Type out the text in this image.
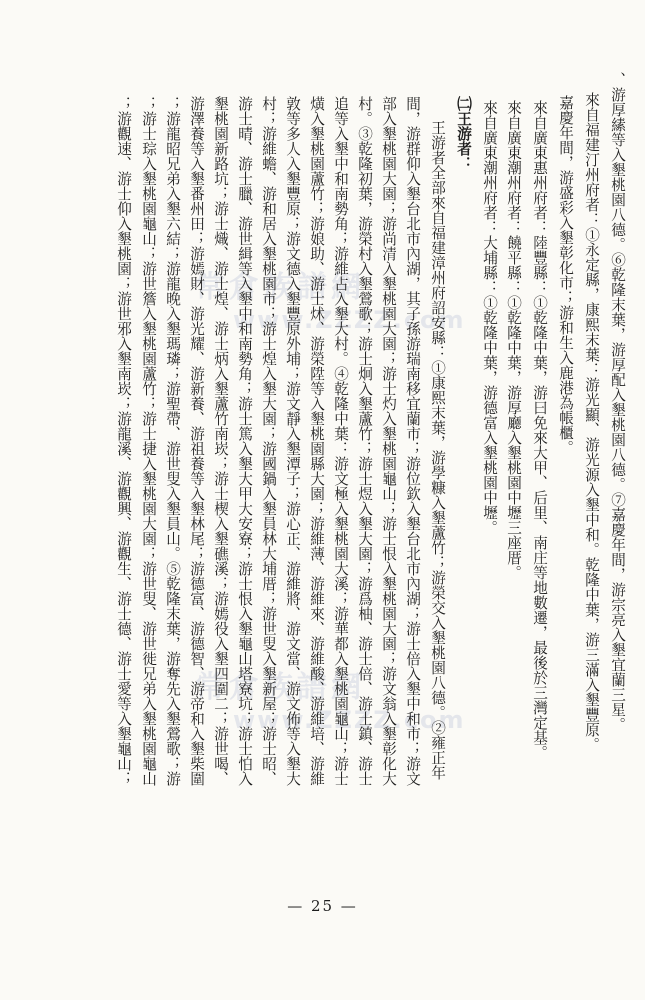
常倉族譜網
www.ZZZZ.com
常倉族譜網
www.ZZZZ.com	、游厚縤等入墾桃園八德。⑥乾隆末葉，游厚配入墾桃園八德。⑦嘉慶年間，游宗亮入墾宜蘭三星。
來自福建汀州府者：①永定縣，康熙末葉：游光顯、游光源入墾中和。乾隆中葉，游三滿入墾豐原。
嘉慶年間，游盛彩入墾彰化市；游和生入鹿港為帳櫃。
來自廣東惠州府者：陸豐縣：①乾隆中葉，游曰免來大甲、后里、南庄等地數遷，最後於三灣定基。
來自廣東潮州府者：饒平縣：①乾隆中葉，游厚廳入墾桃園中壢三座厝。
來自廣東潮州府者：大埔縣：①乾隆中葉，游德富入墾桃園中壢。
㈡王游者：
王游者全部來自福建漳州府詔安縣：①康熙末葉，游學糠入墾蘆竹；游榮交入墾桃園八德。②雍正年
間，游群仰入墾台北市內湖，其子孫游瑞南移宜蘭市；游位欽入墾台北市內湖；游士倍入墾中和市；游文
部入墾桃園大園；游尚清入墾桃園大園；游士灼入墾桃園龜山；游士恨入墾桃園大園；游文翁入墾彰化大
村。③乾隆初葉，游榮村入墾鶯歌；游士炯入墾蘆竹；游士煜入墾大園；游爲柚、游士倍、游士鎮、游士
追等入墾中和南勢角；游維占入墾大村。④乾隆中葉：游文極入墾桃園大溪；游華都入墾桃園龜山；游士
熿入墾桃園蘆竹；游娘助、游士炢、游榮陞等入墾桃園縣大園；游維薄、游維來、游維酸、游維培、游維
敦等多人入墾豐原；游文德入墾豐原外埔；游文靜入墾潭子；游心正、游維將、游文當、游文佈等入墾大
村；游維蟾、游和居入墾桃園市；游士煌入墾大園；游國鍋入墾員林大埔厝；游世叟入墾新屋；游士昭、
游士晴、游士臘、游世緝等入墾中和南勢角；游士篤入墾大甲大安寮；游士恨入墾龜山塔寮坑；游士怕入
墾桃園新路坑；游士熾、游士煌、游士炳入墾蘆竹南崁；游士楔入墾礁溪；游嫣役入墾四圍二；游世喝、
游澤養等入墾番州田；游嫣財、游光耀、游新養、游祖養等入墾林尾；游德富、游德智、游帝和入墾柴圍
；游龍昭兄弟入墾六結；游龍晚入墾瑪璘；游聖帶、游世叟入墾員山。⑤乾隆末葉，游奪先入墾鶯歌；游
；游士琮入墾桃園龜山；游世簷入墾桃園蘆竹；游士捷入墾桃園大園；游世叟、游世徙兄弟入墾桃園龜山
；游觀速、游士仰入墾桃園；游世邪入墾南崁；游龍溪、游觀興、游觀生、游士德、游士愛等入墾龜山；
— 25 —
